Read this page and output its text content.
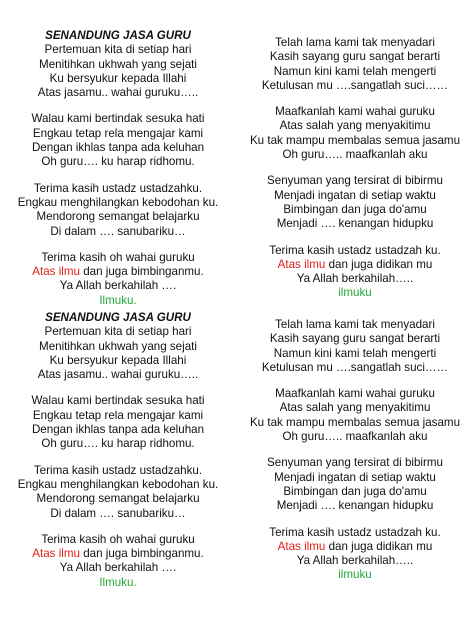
SENANDUNG JASA GURU
Pertemuan kita di setiap hari
Menitihkan ukhwah yang sejati
Ku bersyukur kepada Illahi
Atas jasamu.. wahai guruku…..
Walau kami bertindak sesuka hati
Engkau tetap rela mengajar kami
Dengan ikhlas tanpa ada keluhan
Oh guru…. ku harap ridhomu.
Terima kasih ustadz ustadzahku.
Engkau menghilangkan kebodohan ku.
Mendorong semangat belajarku
Di dalam …. sanubariku…
Terima kasih oh wahai guruku
Atas ilmu dan juga bimbinganmu.
Ya Allah berkahilah ….
Ilmuku.
Telah lama kami tak menyadari
Kasih sayang guru sangat berarti
Namun kini kami telah mengerti
Ketulusan mu ….sangatlah suci……
Maafkanlah kami wahai guruku
Atas salah yang menyakitimu
Ku tak mampu membalas semua jasamu
Oh guru….. maafkanlah aku
Senyuman yang tersirat di bibirmu
Menjadi ingatan di setiap waktu
Bimbingan dan juga do'amu
Menjadi …. kenangan hidupku
Terima kasih ustadz ustadzah ku.
Atas ilmu dan juga didikan mu
Ya Allah berkahilah…..
ilmuku
SENANDUNG JASA GURU
Pertemuan kita di setiap hari
Menitihkan ukhwah yang sejati
Ku bersyukur kepada Illahi
Atas jasamu.. wahai guruku…..
Walau kami bertindak sesuka hati
Engkau tetap rela mengajar kami
Dengan ikhlas tanpa ada keluhan
Oh guru…. ku harap ridhomu.
Terima kasih ustadz ustadzahku.
Engkau menghilangkan kebodohan ku.
Mendorong semangat belajarku
Di dalam …. sanubariku…
Terima kasih oh wahai guruku
Atas ilmu dan juga bimbinganmu.
Ya Allah berkahilah ….
Ilmuku.
Telah lama kami tak menyadari
Kasih sayang guru sangat berarti
Namun kini kami telah mengerti
Ketulusan mu ….sangatlah suci……
Maafkanlah kami wahai guruku
Atas salah yang menyakitimu
Ku tak mampu membalas semua jasamu
Oh guru….. maafkanlah aku
Senyuman yang tersirat di bibirmu
Menjadi ingatan di setiap waktu
Bimbingan dan juga do'amu
Menjadi …. kenangan hidupku
Terima kasih ustadz ustadzah ku.
Atas ilmu dan juga didikan mu
Ya Allah berkahilah…..
ilmuku
